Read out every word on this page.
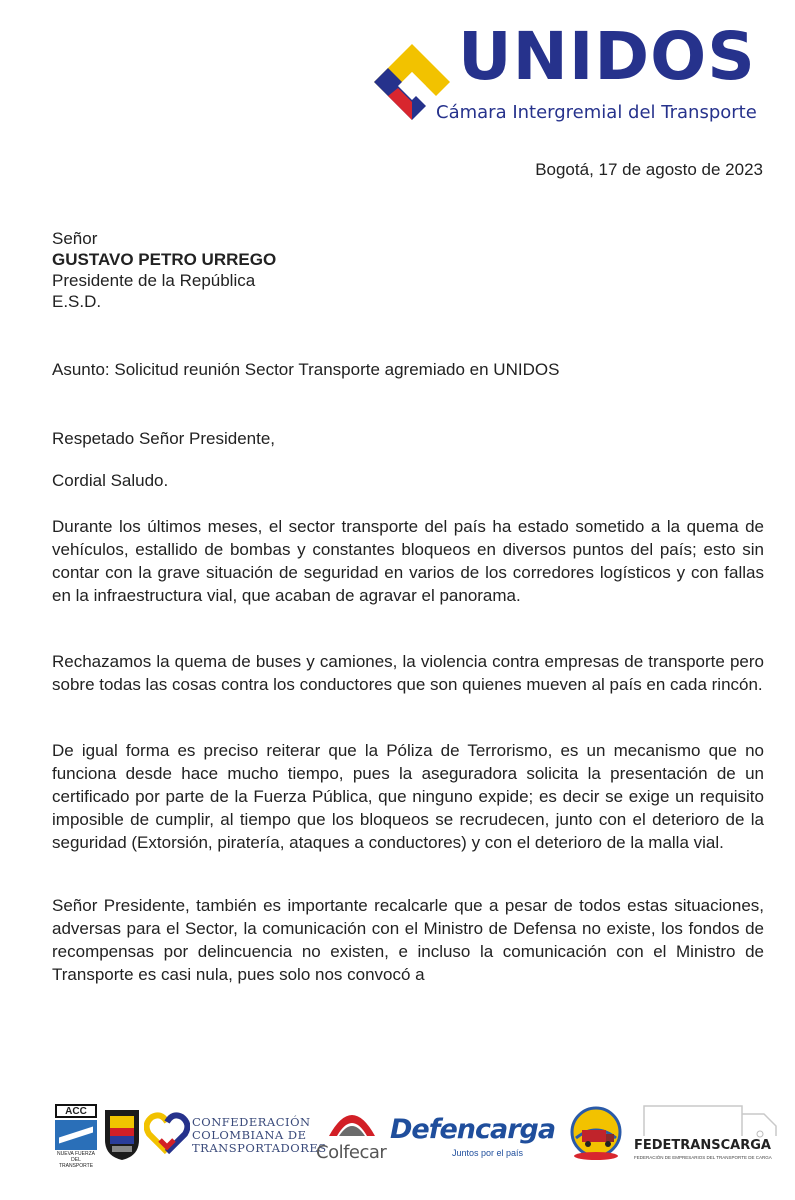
UNIDOS
Cámara Intergremial del Transporte
Bogotá, 17 de agosto de 2023
Señor
GUSTAVO PETRO URREGO
Presidente de la República
E.S.D.
Asunto: Solicitud reunión Sector Transporte agremiado en UNIDOS
Respetado Señor Presidente,
Cordial Saludo.
Durante los últimos meses, el sector transporte del país ha estado sometido a la quema de vehículos, estallido de bombas y constantes bloqueos en diversos puntos del país; esto sin contar con la grave situación de seguridad en varios de los corredores logísticos y con fallas en la infraestructura vial, que acaban de agravar el panorama.
Rechazamos la quema de buses y camiones, la violencia contra empresas de transporte pero sobre todas las cosas contra los conductores que son quienes mueven al país en cada rincón.
De igual forma es preciso reiterar que la Póliza de Terrorismo, es un mecanismo que no funciona desde hace mucho tiempo, pues la aseguradora solicita la presentación de un certificado por parte de la Fuerza Pública, que ninguno expide; es decir se exige un requisito imposible de cumplir, al tiempo que los bloqueos se recrudecen, junto con el deterioro de la seguridad (Extorsión, piratería, ataques a conductores) y con el deterioro de la malla vial.
Señor Presidente, también es importante recalcarle que a pesar de todos estas situaciones, adversas para el Sector, la comunicación con el Ministro de Defensa no existe, los fondos de recompensas por delincuencia no existen, e incluso la comunicación con el Ministro de Transporte es casi nula, pues solo nos convocó a
ACC
NUEVA FUERZA DEL TRANSPORTE
CONFEDERACIÓN
COLOMBIANA DE
TRANSPORTADORES
Colfecar
Defencarga
Juntos por el país	FEDETRANSCARGA
FEDERACIÓN DE EMPRESARIOS DEL TRANSPORTE DE CARGA
